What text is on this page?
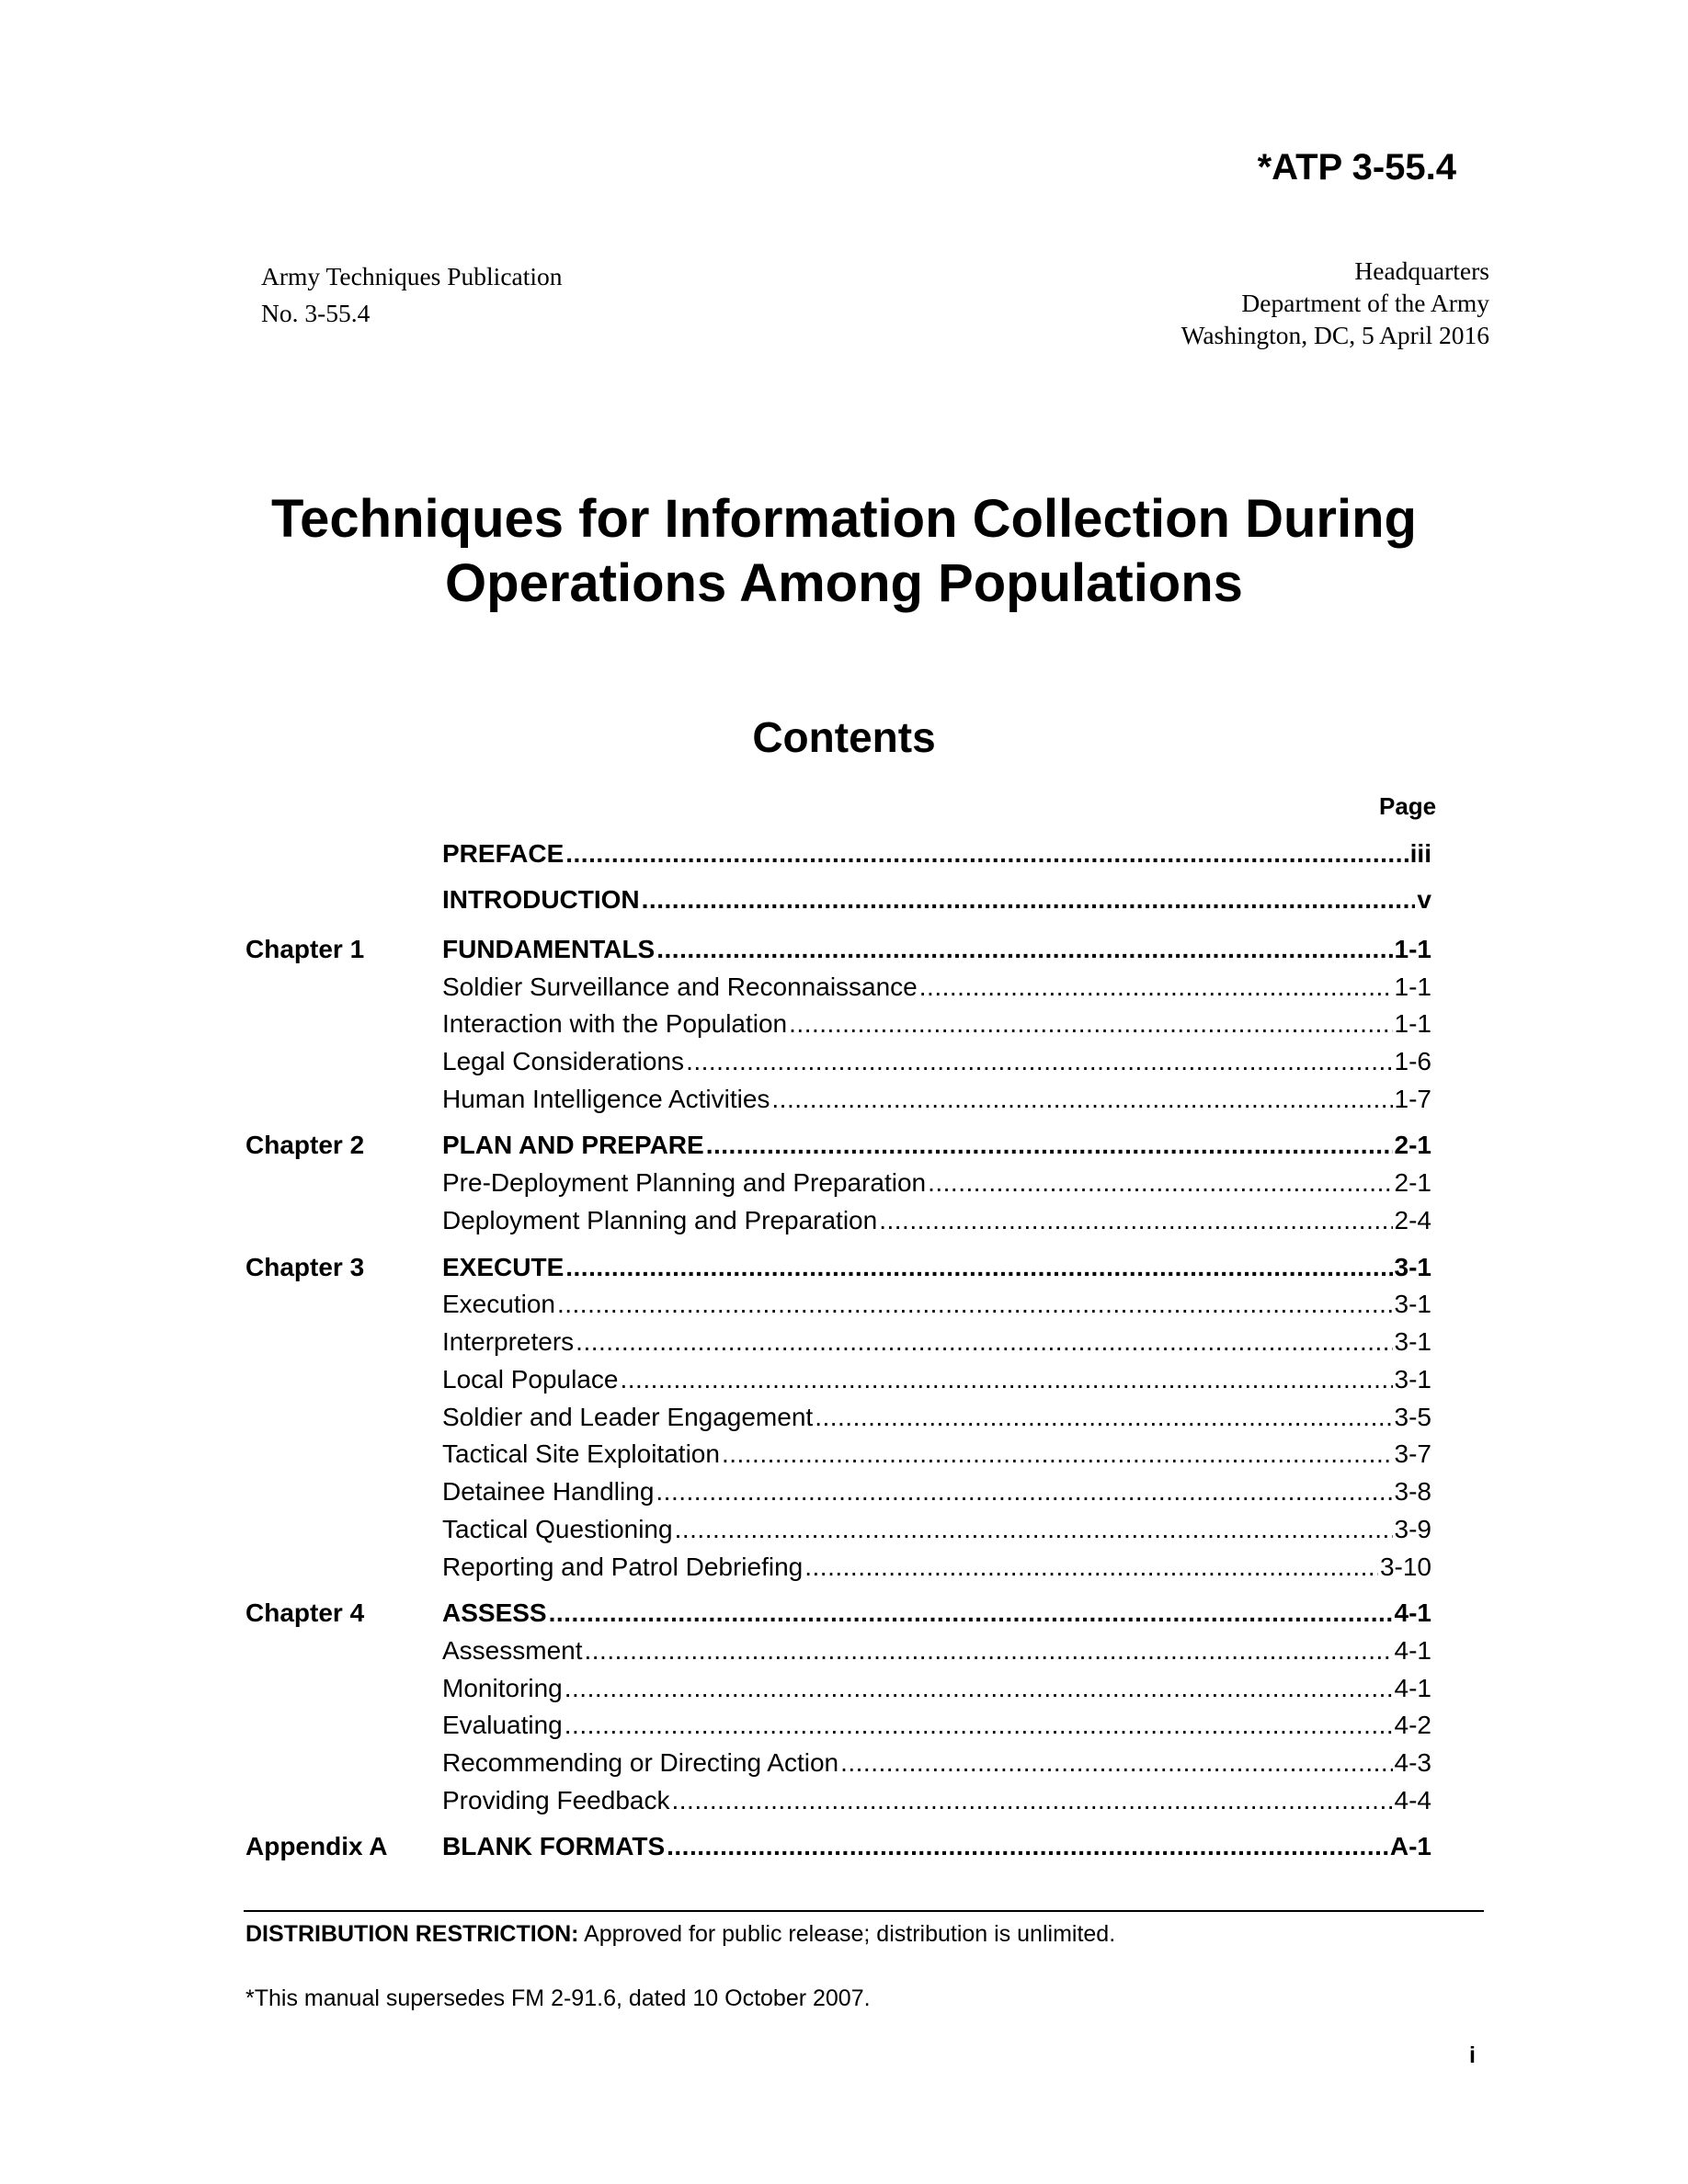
*ATP 3-55.4
Army Techniques Publication
No. 3-55.4
Headquarters
Department of the Army
Washington, DC, 5 April 2016
Techniques for Information Collection During
Operations Among Populations
Contents
Page
PREFACE .....	iii
INTRODUCTION .....	v
Chapter 1	FUNDAMENTALS .....	1-1
Soldier Surveillance and Reconnaissance .....	1-1
Interaction with the Population .....	1-1
Legal Considerations .....	1-6
Human Intelligence Activities .....	1-7
Chapter 2	PLAN AND PREPARE .....	2-1
Pre-Deployment Planning and Preparation .....	2-1
Deployment Planning and Preparation .....	2-4
Chapter 3	EXECUTE .....	3-1
Execution .....	3-1
Interpreters .....	3-1
Local Populace .....	3-1
Soldier and Leader Engagement .....	3-5
Tactical Site Exploitation .....	3-7
Detainee Handling .....	3-8
Tactical Questioning .....	3-9
Reporting and Patrol Debriefing .....	3-10
Chapter 4	ASSESS .....	4-1
Assessment .....	4-1
Monitoring .....	4-1
Evaluating .....	4-2
Recommending or Directing Action .....	4-3
Providing Feedback .....	4-4
Appendix A BLANK FORMATS .....	A-1
DISTRIBUTION RESTRICTION: Approved for public release; distribution is unlimited.
*This manual supersedes FM 2-91.6, dated 10 October 2007.
i
